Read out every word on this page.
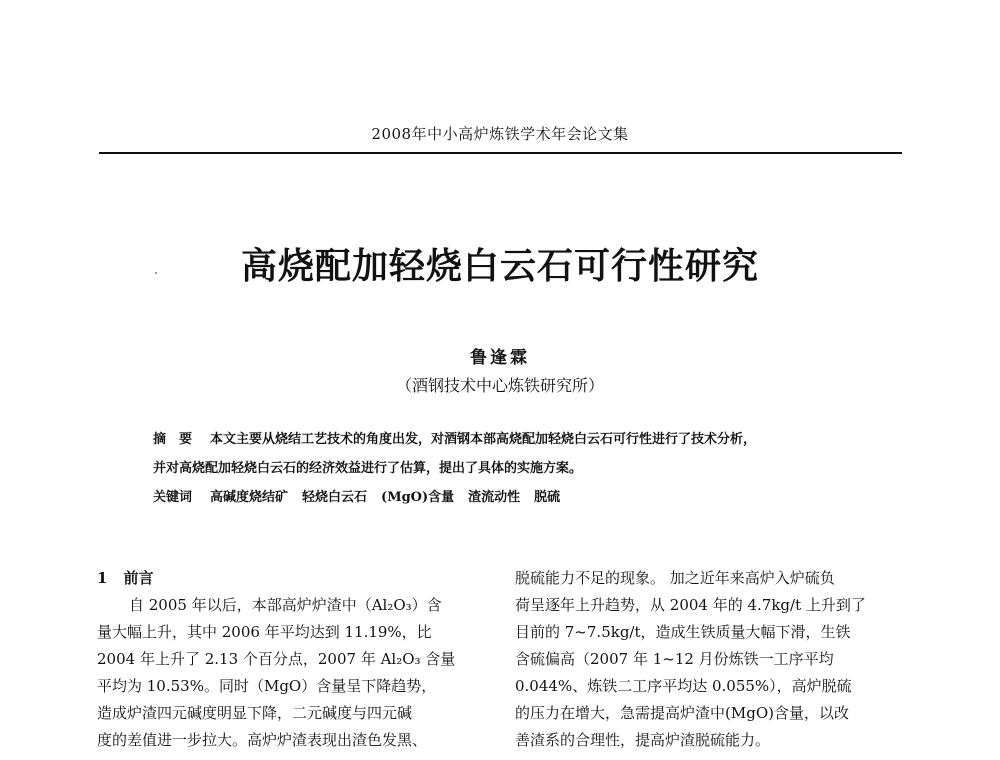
2008年中小高炉炼铁学术年会论文集
高烧配加轻烧白云石可行性研究
鲁逢霖
（酒钢技术中心炼铁研究所）
摘　要 本文主要从烧结工艺技术的角度出发，对酒钢本部高烧配加轻烧白云石可行性进行了技术分析，
并对高烧配加轻烧白云石的经济效益进行了估算，提出了具体的实施方案。
关键词 高碱度烧结矿 轻烧白云石 (MgO)含量 渣流动性 脱硫
1 前言
自 2005 年以后，本部高炉炉渣中（Al₂O₃）含
量大幅上升，其中 2006 年平均达到 11.19%，比
2004 年上升了 2.13 个百分点，2007 年 Al₂O₃ 含量
平均为 10.53%。同时（MgO）含量呈下降趋势，
造成炉渣四元碱度明显下降，二元碱度与四元碱
度的差值进一步拉大。高炉炉渣表现出渣色发黑、
脱硫能力不足的现象。 加之近年来高炉入炉硫负
荷呈逐年上升趋势，从 2004 年的 4.7kg/t 上升到了
目前的 7~7.5kg/t，造成生铁质量大幅下滑，生铁
含硫偏高（2007 年 1~12 月份炼铁一工序平均
0.044%、炼铁二工序平均达 0.055%），高炉脱硫
的压力在增大，急需提高炉渣中(MgO)含量，以改
善渣系的合理性，提高炉渣脱硫能力。
